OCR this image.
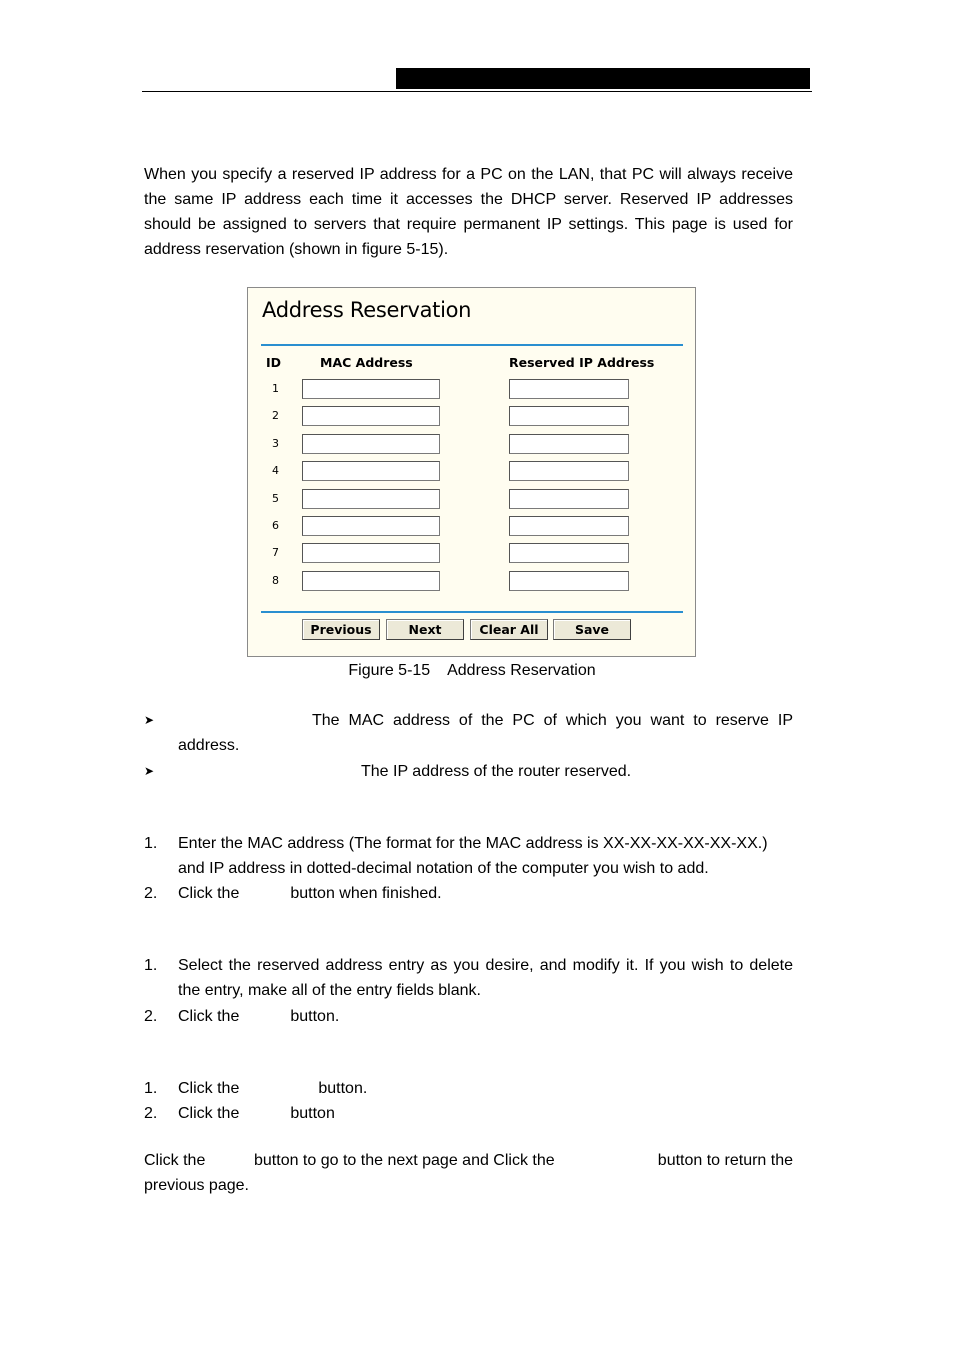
When you specify a reserved IP address for a PC on the LAN, that PC will always receive the same IP address each time it accesses the DHCP server. Reserved IP addresses should be assigned to servers that require permanent IP settings. This page is used for address reservation (shown in figure 5-15).

Address Reservation
ID	MAC Address	Reserved IP Address
1
2
3
4
5
6
7
8
Previous	Next	Clear All	Save
Figure 5-15    Address Reservation
➤	The MAC address of the PC of which you want to reserve IP address.
➤	The IP address of the router reserved.
1. Enter the MAC address (The format for the MAC address is XX-XX-XX-XX-XX-XX.) and IP address in dotted-decimal notation of the computer you wish to add.
2. Click the	button when finished.
1. Select the reserved address entry as you desire, and modify it. If you wish to delete the entry, make all of the entry fields blank.
2. Click the	button.
1. Click the	button.
2. Click the	button
Click the	button to go to the next page and Click the	button to return the
previous page.
